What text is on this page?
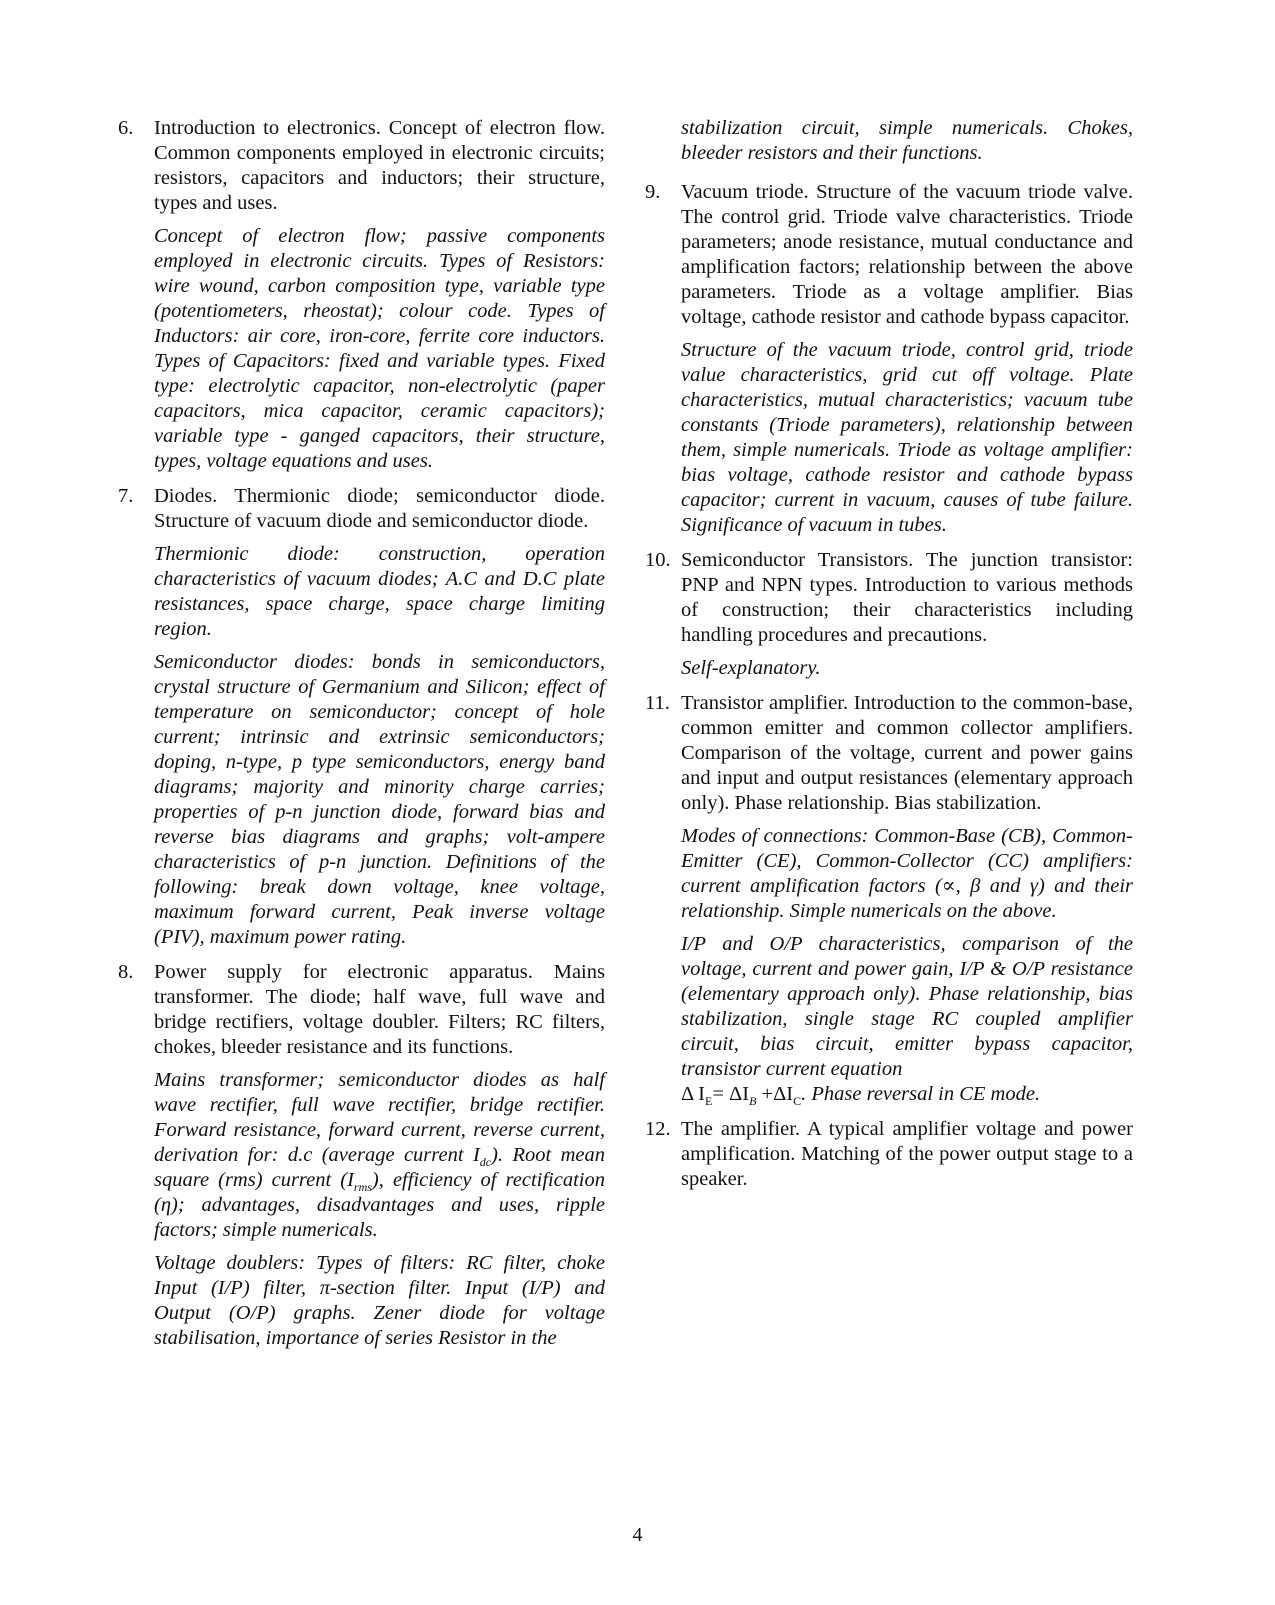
6. Introduction to electronics. Concept of electron flow. Common components employed in electronic circuits; resistors, capacitors and inductors; their structure, types and uses.

Concept of electron flow; passive components employed in electronic circuits. Types of Resistors: wire wound, carbon composition type, variable type (potentiometers, rheostat); colour code. Types of Inductors: air core, iron-core, ferrite core inductors. Types of Capacitors: fixed and variable types. Fixed type: electrolytic capacitor, non-electrolytic (paper capacitors, mica capacitor, ceramic capacitors); variable type - ganged capacitors, their structure, types, voltage equations and uses.

7. Diodes. Thermionic diode; semiconductor diode. Structure of vacuum diode and semiconductor diode.

Thermionic diode: construction, operation characteristics of vacuum diodes; A.C and D.C plate resistances, space charge, space charge limiting region.

Semiconductor diodes: bonds in semiconductors, crystal structure of Germanium and Silicon; effect of temperature on semiconductor; concept of hole current; intrinsic and extrinsic semiconductors; doping, n-type, p type semiconductors, energy band diagrams; majority and minority charge carries; properties of p-n junction diode, forward bias and reverse bias diagrams and graphs; volt-ampere characteristics of p-n junction. Definitions of the following: break down voltage, knee voltage, maximum forward current, Peak inverse voltage (PIV), maximum power rating.

8. Power supply for electronic apparatus. Mains transformer. The diode; half wave, full wave and bridge rectifiers, voltage doubler. Filters; RC filters, chokes, bleeder resistance and its functions.

Mains transformer; semiconductor diodes as half wave rectifier, full wave rectifier, bridge rectifier. Forward resistance, forward current, reverse current, derivation for: d.c (average current $I_{dc}$). Root mean square (rms) current $(I_{rms})$, efficiency of rectification (η); advantages, disadvantages and uses, ripple factors; simple numericals.

Voltage doublers: Types of filters: RC filter, choke Input (I/P) filter, π-section filter. Input (I/P) and Output (O/P) graphs. Zener diode for voltage stabilisation, importance of series Resistor in the

stabilization circuit, simple numericals. Chokes, bleeder resistors and their functions.

9. Vacuum triode. Structure of the vacuum triode valve. The control grid. Triode valve characteristics. Triode parameters; anode resistance, mutual conductance and amplification factors; relationship between the above parameters. Triode as a voltage amplifier. Bias voltage, cathode resistor and cathode bypass capacitor.

Structure of the vacuum triode, control grid, triode value characteristics, grid cut off voltage. Plate characteristics, mutual characteristics; vacuum tube constants (Triode parameters), relationship between them, simple numericals. Triode as voltage amplifier: bias voltage, cathode resistor and cathode bypass capacitor; current in vacuum, causes of tube failure. Significance of vacuum in tubes.

10. Semiconductor Transistors. The junction transistor: PNP and NPN types. Introduction to various methods of construction; their characteristics including handling procedures and precautions.

Self-explanatory.

11. Transistor amplifier. Introduction to the common-base, common emitter and common collector amplifiers. Comparison of the voltage, current and power gains and input and output resistances (elementary approach only). Phase relationship. Bias stabilization.

Modes of connections: Common-Base (CB), Common-Emitter (CE), Common-Collector (CC) amplifiers: current amplification factors (∝, β and γ) and their relationship. Simple numericals on the above.

I/P and O/P characteristics, comparison of the voltage, current and power gain, I/P & O/P resistance (elementary approach only). Phase relationship, bias stabilization, single stage RC coupled amplifier circuit, bias circuit, emitter bypass capacitor, transistor current equation
Δ $I_E= \Delta I_B +\Delta I_C$. Phase reversal in CE mode.

12. The amplifier. A typical amplifier voltage and power amplification. Matching of the power output stage to a speaker.

4
